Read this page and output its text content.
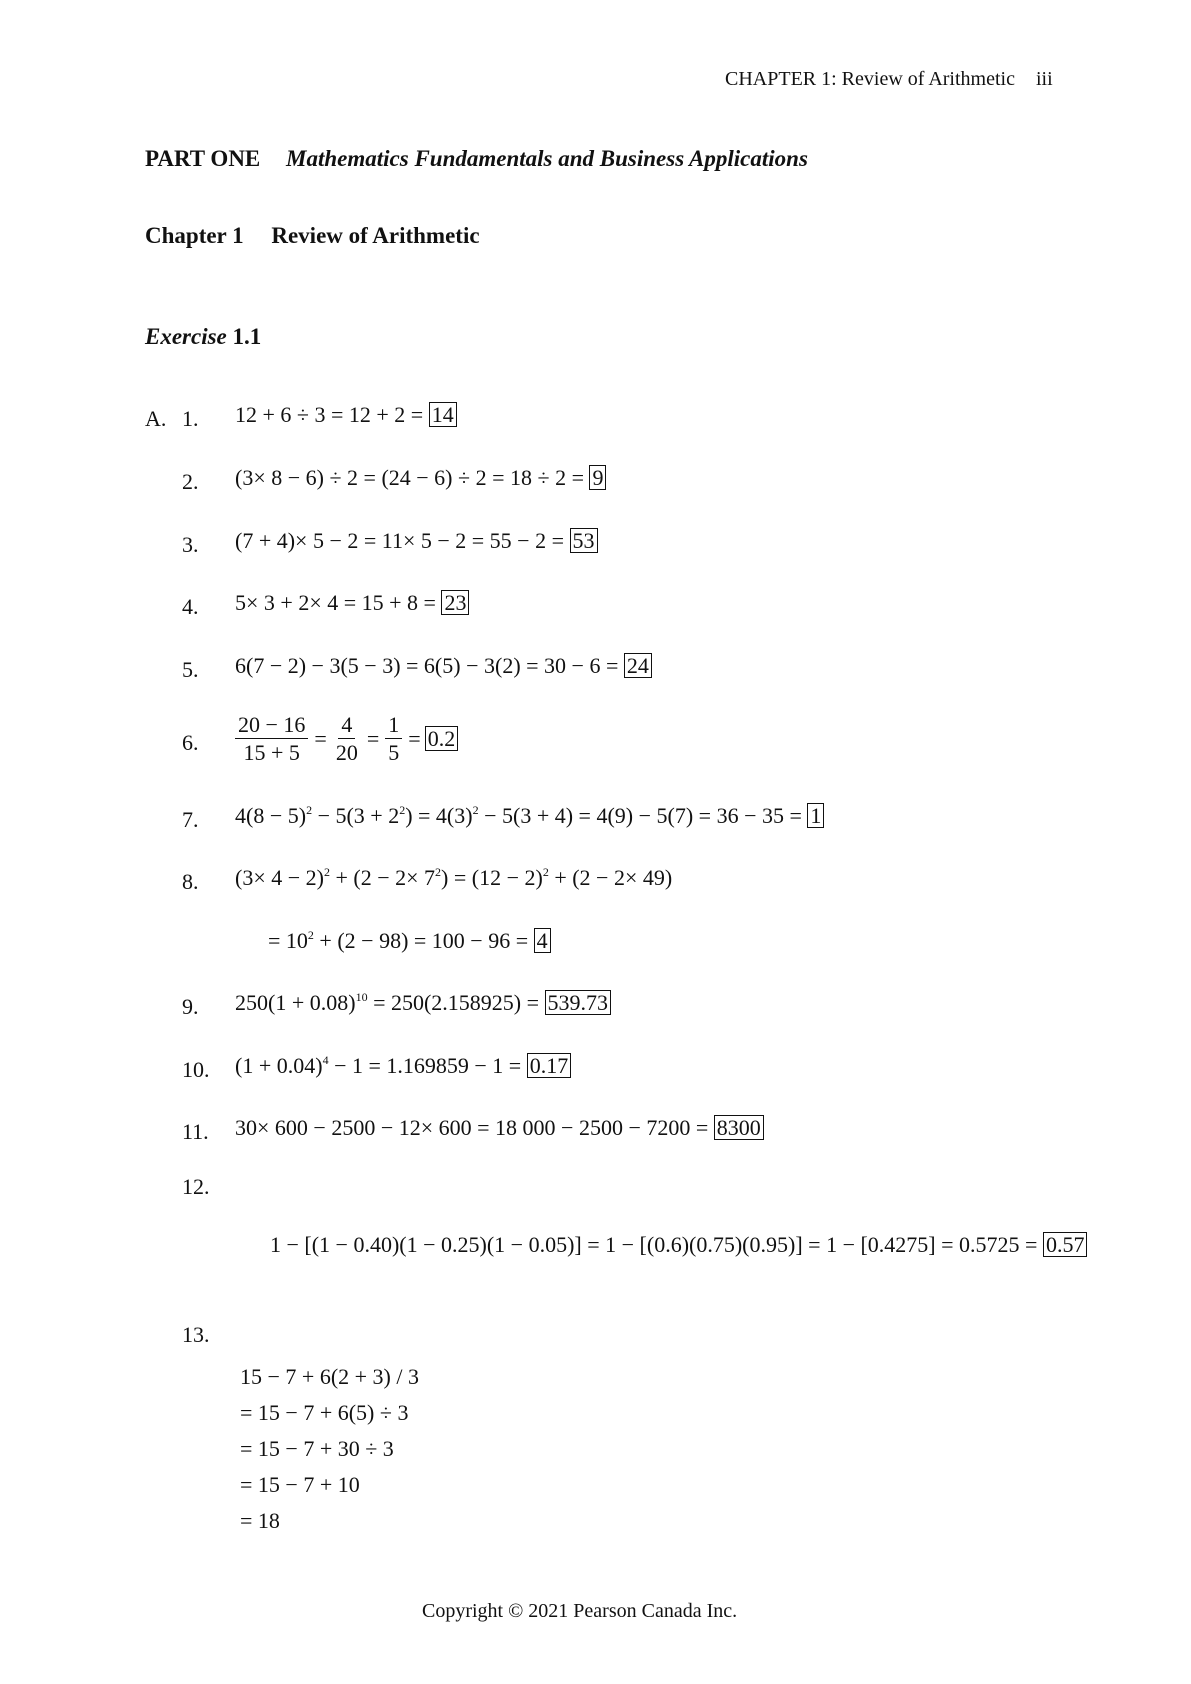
CHAPTER 1: Review of Arithmetic iii
PART ONE Mathematics Fundamentals and Business Applications
Chapter 1 Review of Arithmetic
Exercise 1.1
A. 1.
2.
3.
4.
5.
6.
7.
8.
9.
10.
11.
12.
13.
12 + 6 ÷ 3 = 12 + 2 = 14
(3× 8 − 6) ÷ 2 = (24 − 6) ÷ 2 = 18 ÷ 2 = 9
(7 + 4)× 5 − 2 = 11× 5 − 2 = 55 − 2 = 53
5× 3 + 2× 4 = 15 + 8 = 23
6(7 − 2) − 3(5 − 3) = 6(5) − 3(2) = 30 − 6 = 24
$\frac{20 - 16}{15 + 5} = \frac{4}{20} = \frac{1}{5} = 0.2$
$4(8 - 5)^2 - 5(3 + 2^2) = 4(3)^2 - 5(3 + 4) = 4(9) - 5(7) = 36 - 35 = 1$
$(3\times 4 - 2)^2 + (2 - 2\times 7^2) = (12 - 2)^2 + (2 - 2\times 49)$
= $10^2 + (2 - 98) = 100 - 96 = 4$
$250(1 + 0.08)^{10} = 250(2.158925) = 539.73$
$(1 + 0.04)^4 - 1 = 1.169859 - 1 = 0.17$
30× 600 − 2500 − 12× 600 = 18 000 − 2500 − 7200 = 8300
1 − [(1 − 0.40)(1 − 0.25)(1 − 0.05)] = 1 − [(0.6)(0.75)(0.95)] = 1 − [0.4275] = 0.5725 = 0.57
15 − 7 + 6(2 + 3) / 3
= 15 − 7 + 6(5) ÷ 3
= 15 − 7 + 30 ÷ 3
= 15 − 7 + 10
= 18
Copyright © 2021 Pearson Canada Inc.
